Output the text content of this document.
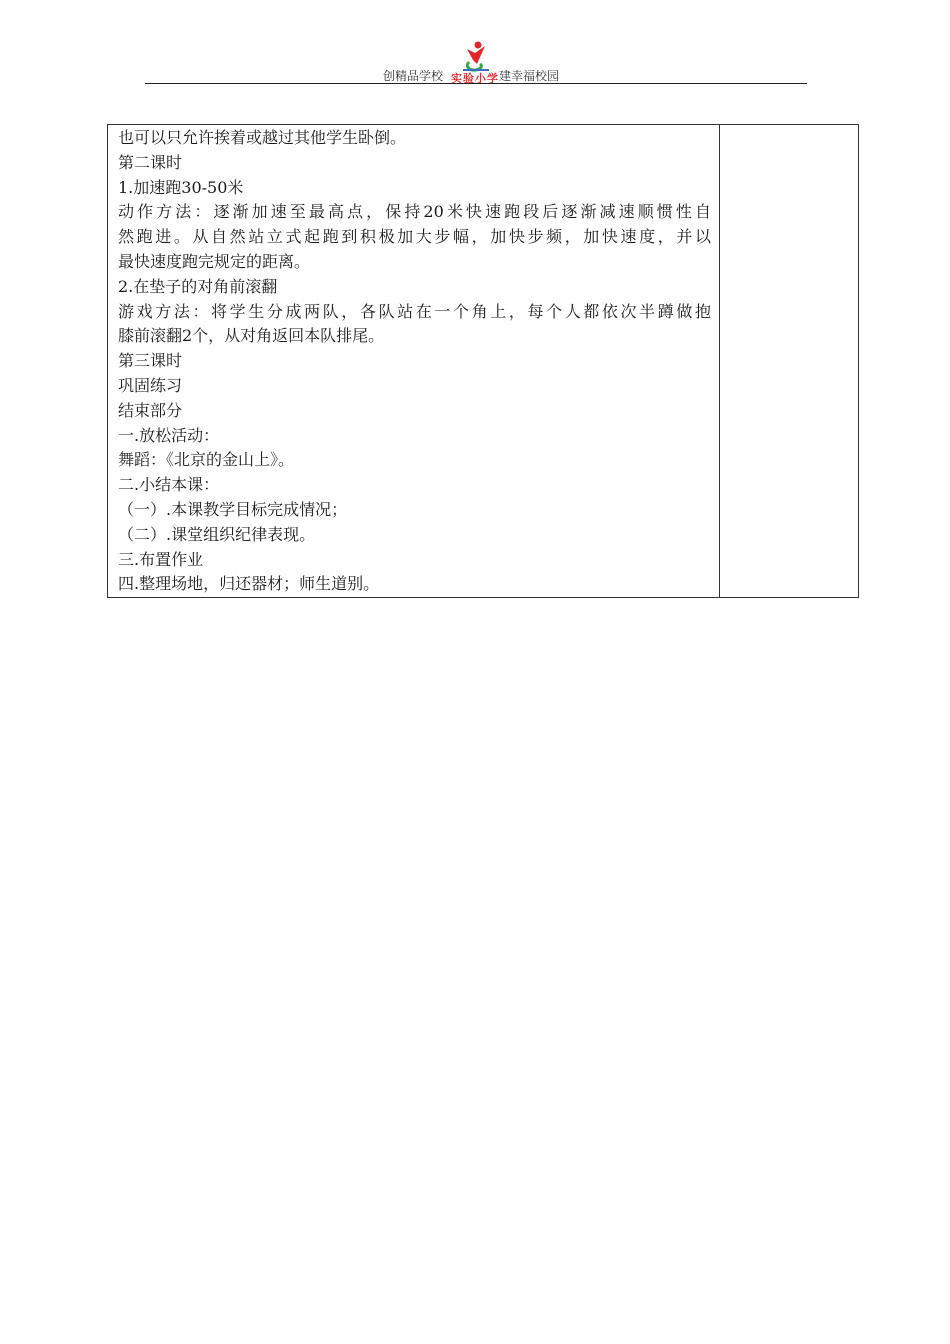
创精品学校 实验小学 建幸福校园
也可以只允许挨着或越过其他学生卧倒。
第二课时
1.加速跑30-50米
动作方法：逐渐加速至最高点，保持20米快速跑段后逐渐减速顺惯性自
然跑进。从自然站立式起跑到积极加大步幅，加快步频，加快速度，并以
最快速度跑完规定的距离。
2.在垫子的对角前滚翻
游戏方法：将学生分成两队，各队站在一个角上，每个人都依次半蹲做抱
膝前滚翻2个，从对角返回本队排尾。
第三课时
巩固练习
结束部分
一.放松活动：
舞蹈：《北京的金山上》。
二.小结本课：
（一）.本课教学目标完成情况；
（二）.课堂组织纪律表现。
三.布置作业
四.整理场地，归还器材；师生道别。
